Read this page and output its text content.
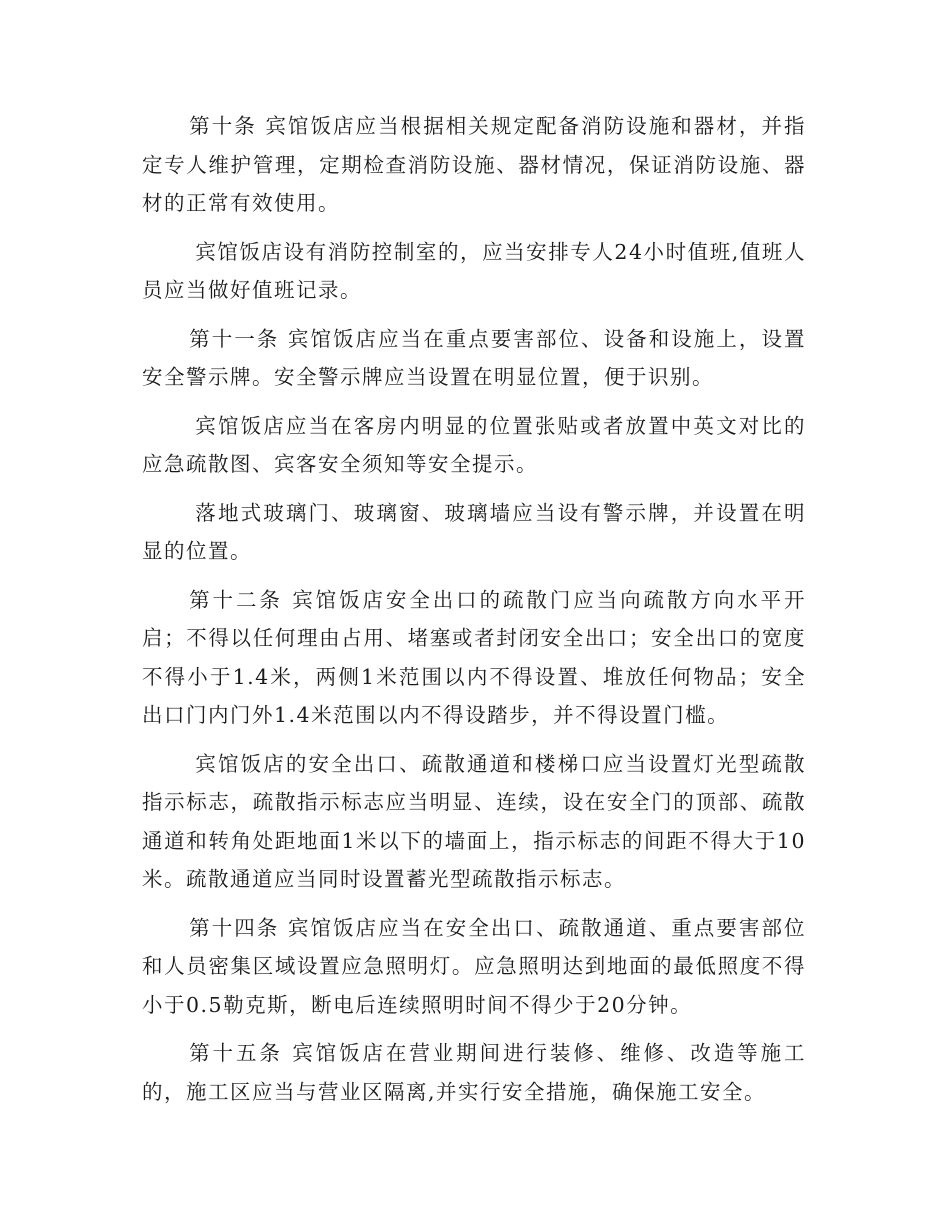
第十条 宾馆饭店应当根据相关规定配备消防设施和器材，并指定专人维护管理，定期检查消防设施、器材情况，保证消防设施、器材的正常有效使用。

宾馆饭店设有消防控制室的，应当安排专人24小时值班,值班人员应当做好值班记录。

第十一条 宾馆饭店应当在重点要害部位、设备和设施上，设置安全警示牌。安全警示牌应当设置在明显位置，便于识别。

宾馆饭店应当在客房内明显的位置张贴或者放置中英文对比的应急疏散图、宾客安全须知等安全提示。

落地式玻璃门、玻璃窗、玻璃墙应当设有警示牌，并设置在明显的位置。

第十二条 宾馆饭店安全出口的疏散门应当向疏散方向水平开启；不得以任何理由占用、堵塞或者封闭安全出口；安全出口的宽度不得小于1.4米，两侧1米范围以内不得设置、堆放任何物品；安全出口门内门外1.4米范围以内不得设踏步，并不得设置门槛。

宾馆饭店的安全出口、疏散通道和楼梯口应当设置灯光型疏散指示标志，疏散指示标志应当明显、连续，设在安全门的顶部、疏散通道和转角处距地面1米以下的墙面上，指示标志的间距不得大于10米。疏散通道应当同时设置蓄光型疏散指示标志。

第十四条 宾馆饭店应当在安全出口、疏散通道、重点要害部位和人员密集区域设置应急照明灯。应急照明达到地面的最低照度不得小于0.5勒克斯，断电后连续照明时间不得少于20分钟。

第十五条 宾馆饭店在营业期间进行装修、维修、改造等施工的，施工区应当与营业区隔离,并实行安全措施，确保施工安全。
